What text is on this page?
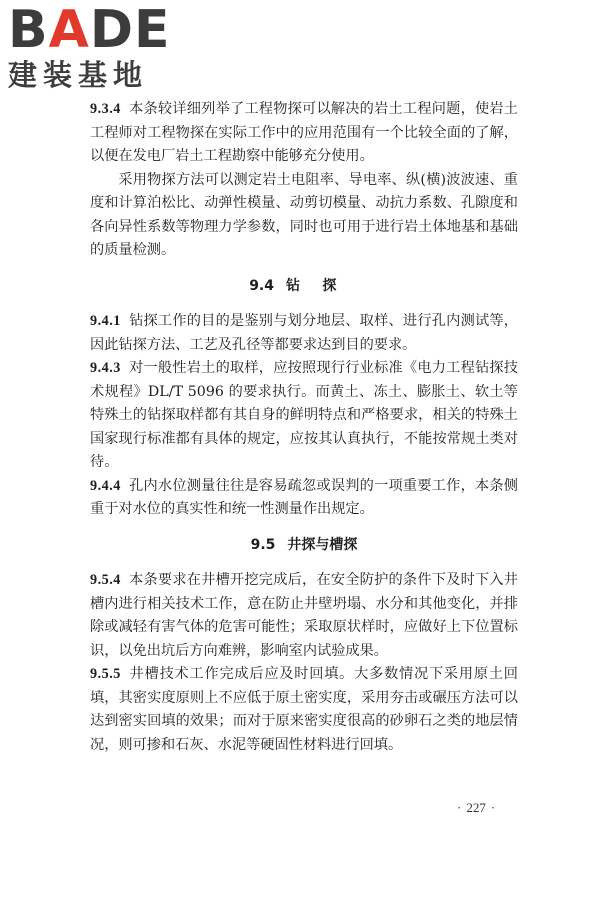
BADE
建装基地

9.3.4 本条较详细列举了工程物探可以解决的岩土工程问题，使岩土工程师对工程物探在实际工作中的应用范围有一个比较全面的了解，以便在发电厂岩土工程勘察中能够充分使用。

采用物探方法可以测定岩土电阻率、导电率、纵(横)波波速、重度和计算泊松比、动弹性模量、动剪切模量、动抗力系数、孔隙度和各向异性系数等物理力学参数，同时也可用于进行岩土体地基和基础的质量检测。

9.4 钻探

9.4.1 钻探工作的目的是鉴别与划分地层、取样、进行孔内测试等，因此钻探方法、工艺及孔径等都要求达到目的要求。

9.4.3 对一般性岩土的取样，应按照现行行业标准《电力工程钻探技术规程》DL/T 5096 的要求执行。而黄土、冻土、膨胀土、软土等特殊土的钻探取样都有其自身的鲜明特点和严格要求，相关的特殊土国家现行标准都有具体的规定，应按其认真执行，不能按常规土类对待。

9.4.4 孔内水位测量往往是容易疏忽或误判的一项重要工作，本条侧重于对水位的真实性和统一性测量作出规定。

9.5 井探与槽探

9.5.4 本条要求在井槽开挖完成后，在安全防护的条件下及时下入井槽内进行相关技术工作，意在防止井壁坍塌、水分和其他变化，并排除或减轻有害气体的危害可能性；采取原状样时，应做好上下位置标识，以免出坑后方向难辨，影响室内试验成果。

9.5.5 井槽技术工作完成后应及时回填。大多数情况下采用原土回填，其密实度原则上不应低于原土密实度，采用夯击或碾压方法可以达到密实回填的效果；而对于原来密实度很高的砂卵石之类的地层情况，则可掺和石灰、水泥等硬固性材料进行回填。

· 227 ·
